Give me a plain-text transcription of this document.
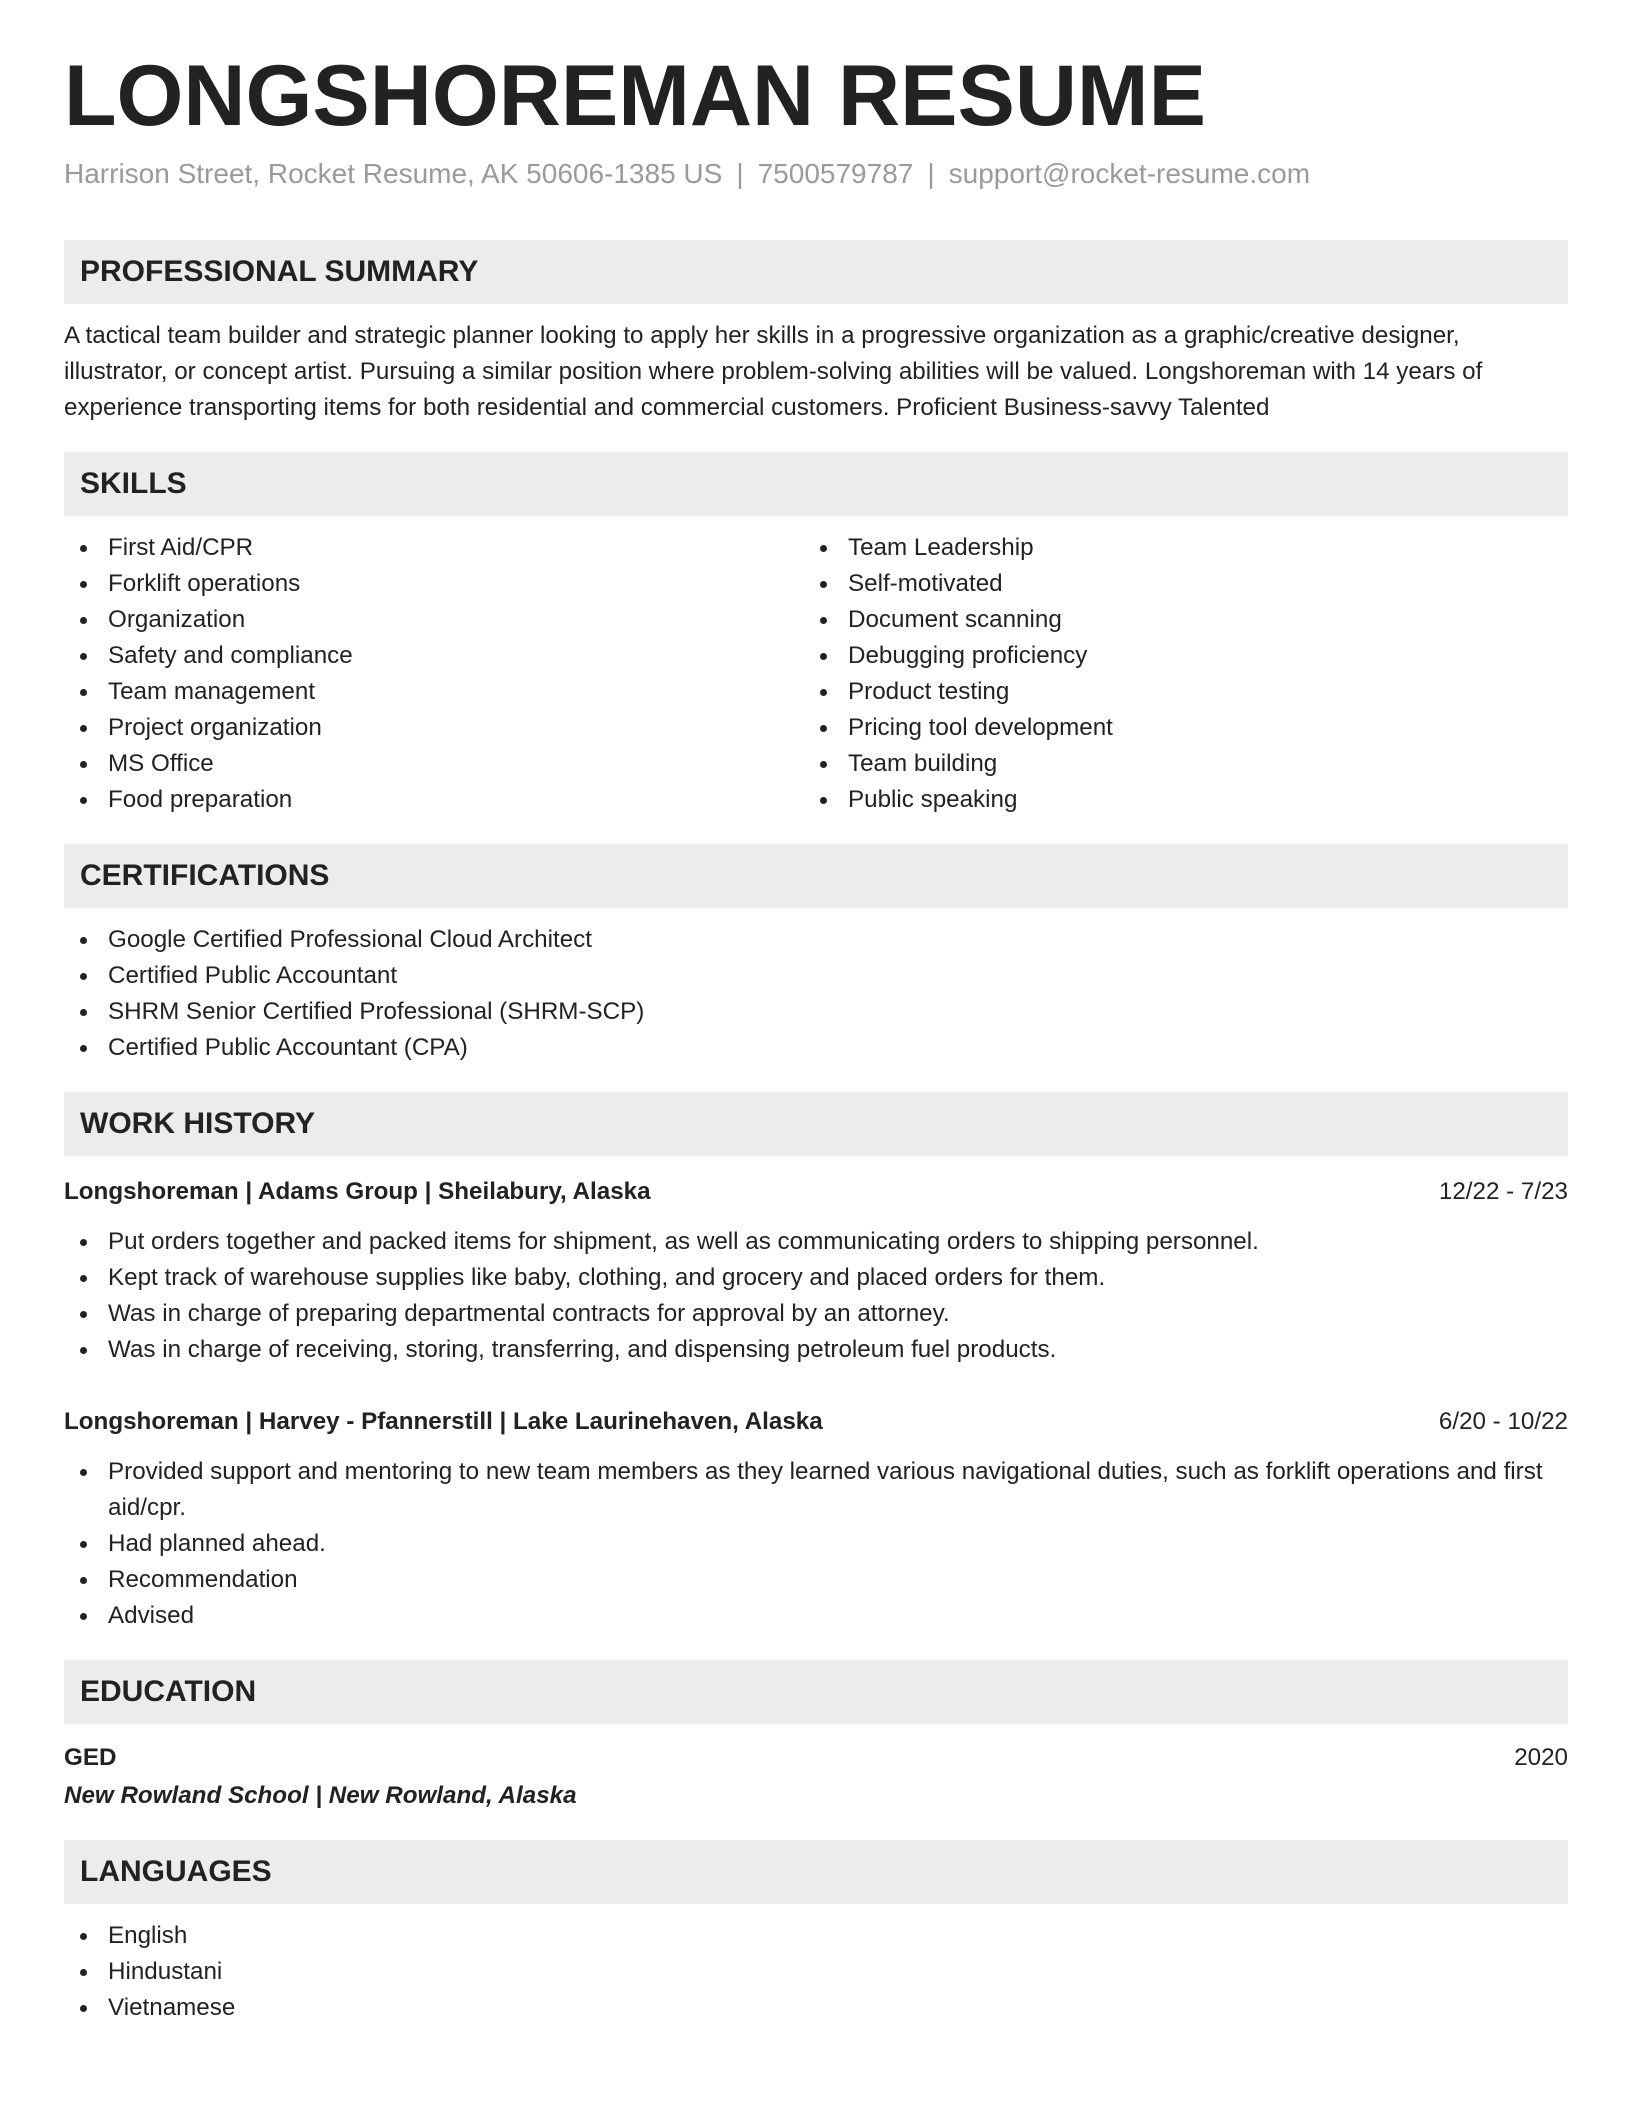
LONGSHOREMAN RESUME
Harrison Street, Rocket Resume, AK 50606-1385 US | 7500579787 | support@rocket-resume.com
PROFESSIONAL SUMMARY

A tactical team builder and strategic planner looking to apply her skills in a progressive organization as a graphic/creative designer, illustrator, or concept artist. Pursuing a similar position where problem-solving abilities will be valued. Longshoreman with 14 years of experience transporting items for both residential and commercial customers. Proficient Business-savvy Talented

SKILLS
First Aid/CPR
Forklift operations
Organization
Safety and compliance
Team management
Project organization
MS Office
Food preparation
Team Leadership
Self-motivated
Document scanning
Debugging proficiency
Product testing
Pricing tool development
Team building
Public speaking
CERTIFICATIONS
Google Certified Professional Cloud Architect
Certified Public Accountant
SHRM Senior Certified Professional (SHRM-SCP)
Certified Public Accountant (CPA)
WORK HISTORY
Longshoreman | Adams Group | Sheilabury, Alaska	12/22 - 7/23
Put orders together and packed items for shipment, as well as communicating orders to shipping personnel.
Kept track of warehouse supplies like baby, clothing, and grocery and placed orders for them.
Was in charge of preparing departmental contracts for approval by an attorney.
Was in charge of receiving, storing, transferring, and dispensing petroleum fuel products.
Longshoreman | Harvey - Pfannerstill | Lake Laurinehaven, Alaska	6/20 - 10/22
Provided support and mentoring to new team members as they learned various navigational duties, such as forklift operations and first aid/cpr.
Had planned ahead.
Recommendation
Advised
EDUCATION
GED	2020
New Rowland School | New Rowland, Alaska
LANGUAGES
English
Hindustani
Vietnamese
